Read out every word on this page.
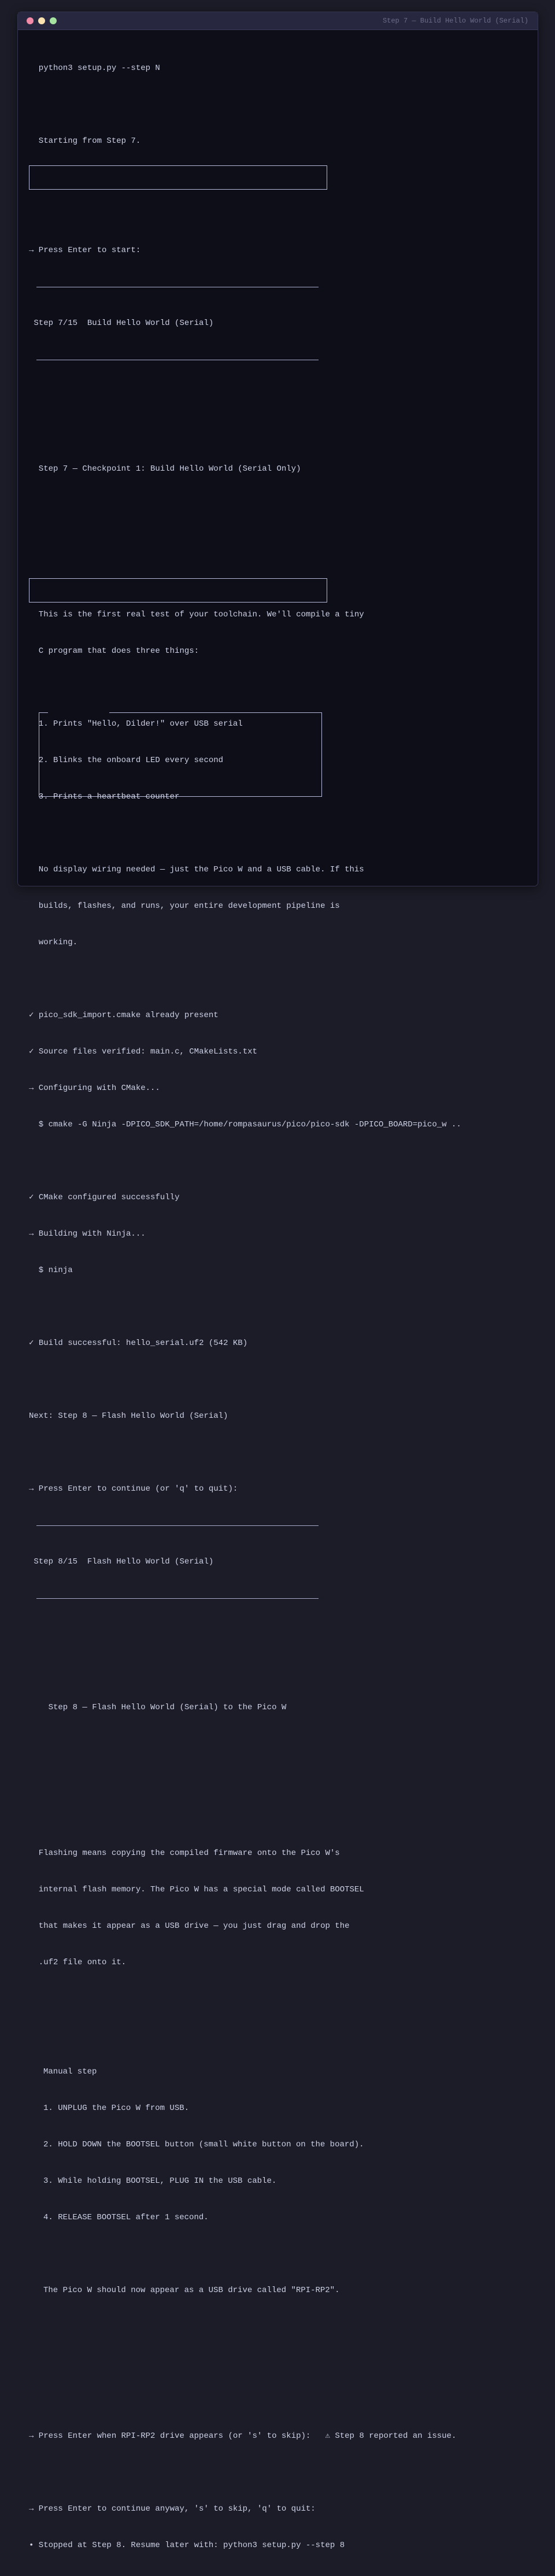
Step 7 — Build Hello World (Serial)

python3 setup.py --step N

Starting from Step 7.

→ Press Enter to start:

Step 7/15  Build Hello World (Serial)

Step 7 — Checkpoint 1: Build Hello World (Serial Only)

This is the first real test of your toolchain. We'll compile a tiny

C program that does three things:

1. Prints "Hello, Dilder!" over USB serial

2. Blinks the onboard LED every second

3. Prints a heartbeat counter

No display wiring needed — just the Pico W and a USB cable. If this

builds, flashes, and runs, your entire development pipeline is

working.

✓ pico_sdk_import.cmake already present

✓ Source files verified: main.c, CMakeLists.txt

→ Configuring with CMake...

$ cmake -G Ninja -DPICO_SDK_PATH=/home/rompasaurus/pico/pico-sdk -DPICO_BOARD=pico_w ..

✓ CMake configured successfully

→ Building with Ninja...

$ ninja

✓ Build successful: hello_serial.uf2 (542 KB)

Next: Step 8 — Flash Hello World (Serial)

→ Press Enter to continue (or 'q' to quit):

Step 8/15  Flash Hello World (Serial)

Step 8 — Flash Hello World (Serial) to the Pico W

Flashing means copying the compiled firmware onto the Pico W's

internal flash memory. The Pico W has a special mode called BOOTSEL

that makes it appear as a USB drive — you just drag and drop the

.uf2 file onto it.

Manual step

1. UNPLUG the Pico W from USB.

2. HOLD DOWN the BOOTSEL button (small white button on the board).

3. While holding BOOTSEL, PLUG IN the USB cable.

4. RELEASE BOOTSEL after 1 second.

The Pico W should now appear as a USB drive called "RPI-RP2".

→ Press Enter when RPI-RP2 drive appears (or 's' to skip): ⚠ Step 8 reported an issue.

→ Press Enter to continue anyway, 's' to skip, 'q' to quit:

• Stopped at Step 8. Resume later with: python3 setup.py --step 8
